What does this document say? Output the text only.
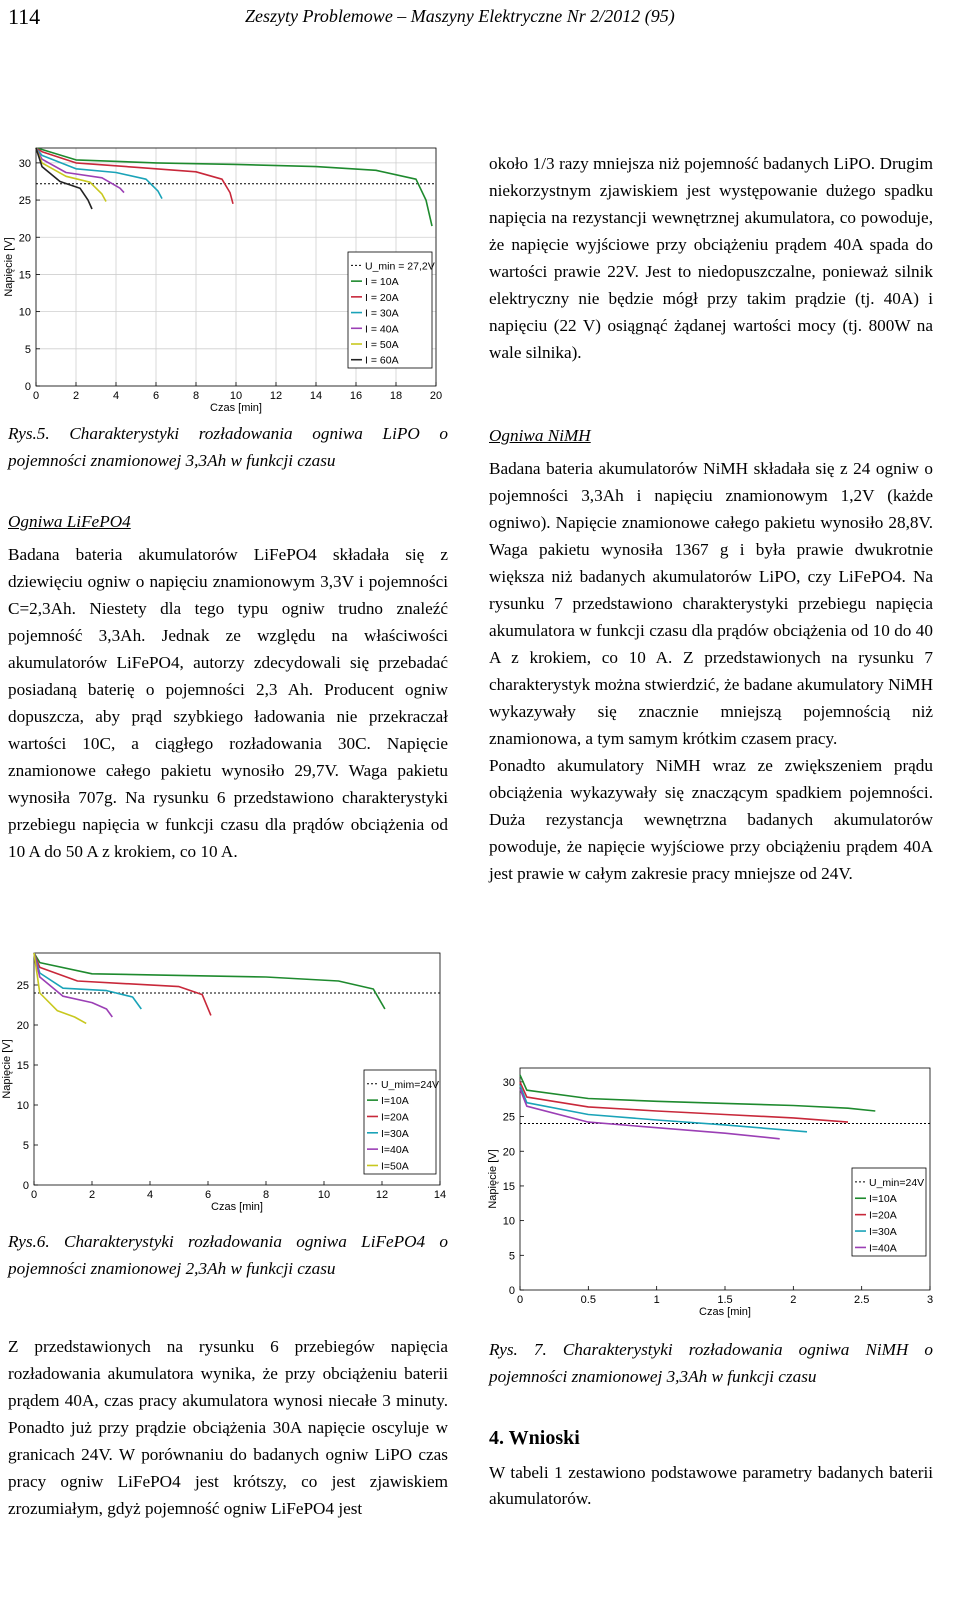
114	Zeszyty Problemowe – Maszyny Elektryczne Nr 2/2012 (95)
0	2	4	6	8	10	12	14	16	18	20
0
5
10
15
20
25
30
Czas [min]
Napięcie [V]	U_min = 27,2V
I = 10A
I = 20A
I = 30A
I = 40A
I = 50A
I = 60A
Rys.5. Charakterystyki rozładowania ogniwa LiPO o pojemności znamionowej 3,3Ah w funkcji czasu

Ogniwa LiFePO4

Badana bateria akumulatorów LiFePO4 składała się z dziewięciu ogniw o napięciu znamionowym 3,3V i pojemności C=2,3Ah. Niestety dla tego typu ogniw trudno znaleźć pojemność 3,3Ah. Jednak ze względu na właściwości akumulatorów LiFePO4, autorzy zdecydowali się przebadać posiadaną baterię o pojemności 2,3 Ah. Producent ogniw dopuszcza, aby prąd szybkiego ładowania nie przekraczał wartości 10C, a ciągłego rozładowania 30C. Napięcie znamionowe całego pakietu wynosiło 29,7V. Waga pakietu wynosiła 707g. Na rysunku 6 przedstawiono charakterystyki przebiegu napięcia w funkcji czasu dla prądów obciążenia od 10 A do 50 A z krokiem, co 10 A.

0	2	4	6	8	10	12	14
0
5
10
15
20
25
Czas [min]
Napięcie [V]	U_mim=24V
I=10A
I=20A
I=30A
I=40A
I=50A
Rys.6. Charakterystyki rozładowania ogniwa LiFePO4 o pojemności znamionowej 2,3Ah w funkcji czasu
Z przedstawionych na rysunku 6 przebiegów napięcia rozładowania akumulatora wynika, że przy obciążeniu baterii prądem 40A, czas pracy akumulatora wynosi niecałe 3 minuty. Ponadto już przy prądzie obciążenia 30A napięcie oscyluje w granicach 24V. W porównaniu do badanych ogniw LiPO czas pracy ogniw LiFePO4 jest krótszy, co jest zjawiskiem zrozumiałym, gdyż pojemność ogniw LiFePO4 jest
około 1/3 razy mniejsza niż pojemność badanych LiPO. Drugim niekorzystnym zjawiskiem jest występowanie dużego spadku napięcia na rezystancji wewnętrznej akumulatora, co powoduje, że napięcie wyjściowe przy obciążeniu prądem 40A spada do wartości prawie 22V. Jest to niedopuszczalne, ponieważ silnik elektryczny nie będzie mógł przy takim prądzie (tj. 40A) i napięciu (22 V) osiągnąć żądanej wartości mocy (tj. 800W na wale silnika).

Ogniwa NiMH

Badana bateria akumulatorów NiMH składała się z 24 ogniw o pojemności 3,3Ah i napięciu znamionowym 1,2V (każde ogniwo). Napięcie znamionowe całego pakietu wynosiło 28,8V. Waga pakietu wynosiła 1367 g i była prawie dwukrotnie większa niż badanych akumulatorów LiPO, czy LiFePO4. Na rysunku 7 przedstawiono charakterystyki przebiegu napięcia akumulatora w funkcji czasu dla prądów obciążenia od 10 do 40 A z krokiem, co 10 A. Z przedstawionych na rysunku 7 charakterystyk można stwierdzić, że badane akumulatory NiMH wykazywały się znacznie mniejszą pojemnością niż znamionowa, a tym samym krótkim czasem pracy.

Ponadto akumulatory NiMH wraz ze zwiększeniem prądu obciążenia wykazywały się znaczącym spadkiem pojemności. Duża rezystancja wewnętrzna badanych akumulatorów powoduje, że napięcie wyjściowe przy obciążeniu prądem 40A jest prawie w całym zakresie pracy mniejsze od 24V.

0	0.5	1	1.5	2	2.5	3
0
5
10
15
20
25
30
Czas [min]
Napięcie [V]	U_min=24V
I=10A
I=20A
I=30A
I=40A
Rys. 7. Charakterystyki rozładowania ogniwa NiMH o pojemności znamionowej 3,3Ah w funkcji czasu

4. Wnioski

W tabeli 1 zestawiono podstawowe parametry badanych baterii akumulatorów.
